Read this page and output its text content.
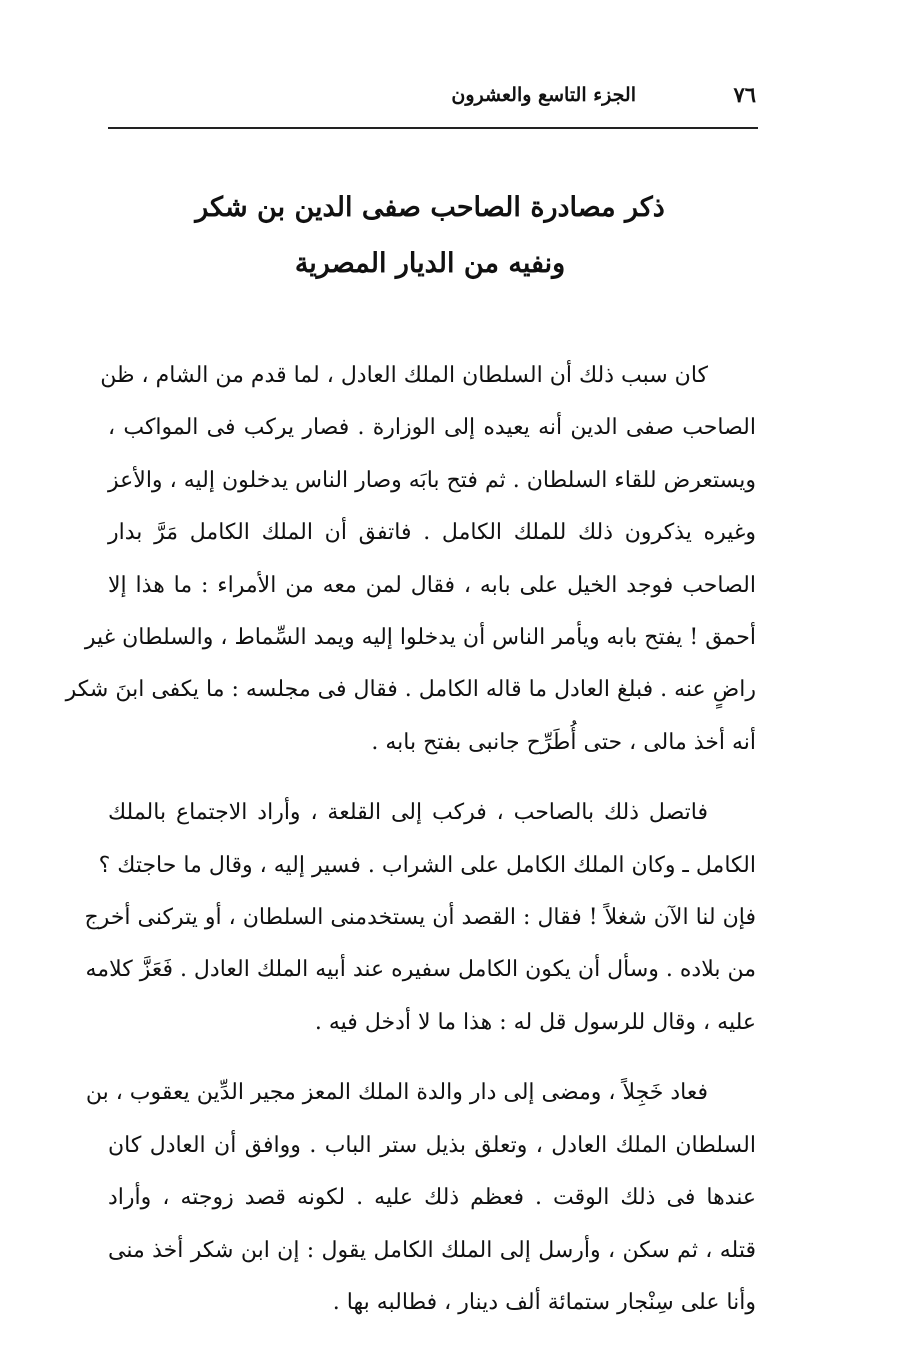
الجزء التاسع والعشرون	٧٦
ذكر مصادرة الصاحب صفى الدين بن شكر
ونفيه من الديار المصرية
كان سبب ذلك أن السلطان الملك العادل ، لما قدم من الشام ، ظن
الصاحب صفى الدين أنه يعيده إلى الوزارة . فصار يركب فى المواكب ،
ويستعرض للقاء السلطان . ثم فتح بابَه وصار الناس يدخلون إليه ، والأعز
وغيره يذكرون ذلك للملك الكامل . فاتفق أن الملك الكامل مَرَّ بدار
الصاحب فوجد الخيل على بابه ، فقال لمن معه من الأمراء : ما هذا إلا
أحمق ! يفتح بابه ويأمر الناس أن يدخلوا إليه ويمد السِّماط ، والسلطان غير
راضٍ عنه . فبلغ العادل ما قاله الكامل . فقال فى مجلسه : ما يكفى ابنَ شكر
أنه أخذ مالى ، حتى أُطَرِّح جانبى بفتح بابه .
فاتصل ذلك بالصاحب ، فركب إلى القلعة ، وأراد الاجتماع بالملك
الكامل ـ وكان الملك الكامل على الشراب . فسير إليه ، وقال ما حاجتك ؟
فإن لنا الآن شغلاً ! فقال : القصد أن يستخدمنى السلطان ، أو يتركنى أخرج
من بلاده . وسأل أن يكون الكامل سفيره عند أبيه الملك العادل . فَعَزَّ كلامه
عليه ، وقال للرسول قل له : هذا ما لا أدخل فيه .
فعاد خَجِلاً ، ومضى إلى دار والدة الملك المعز مجير الدِّين يعقوب ، بن
السلطان الملك العادل ، وتعلق بذيل ستر الباب . ووافق أن العادل كان
عندها فى ذلك الوقت . فعظم ذلك عليه . لكونه قصد زوجته ، وأراد
قتله ، ثم سكن ، وأرسل إلى الملك الكامل يقول : إن ابن شكر أخذ منى
وأنا على سِنْجار ستمائة ألف دينار ، فطالبه بها .
